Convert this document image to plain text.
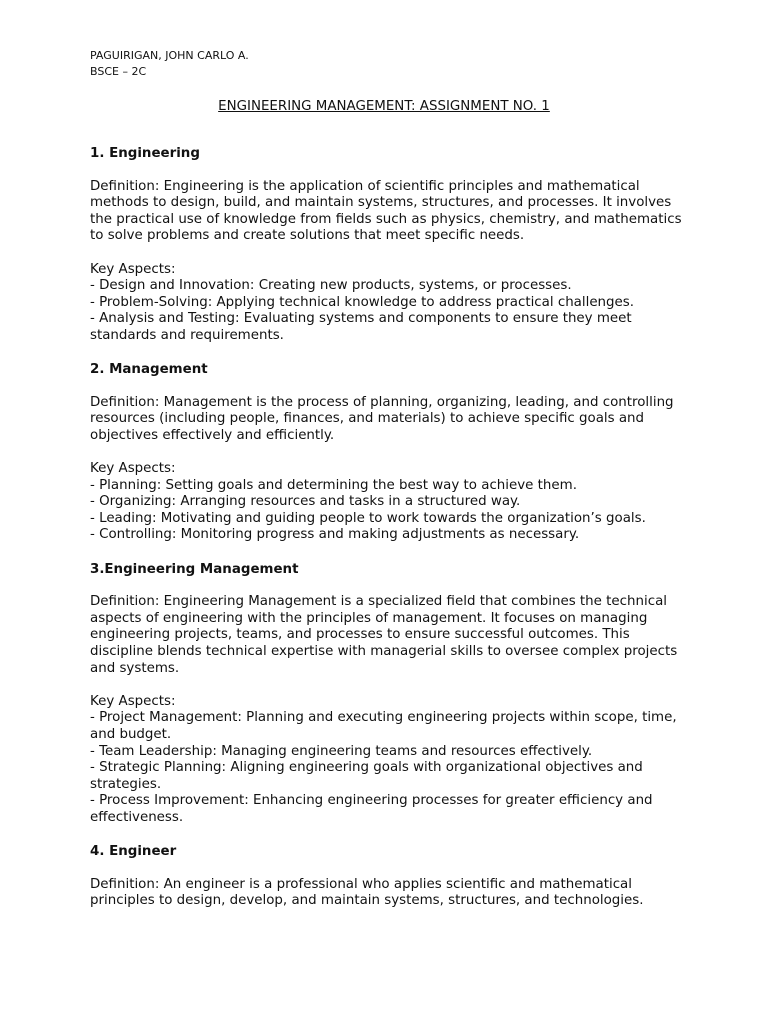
PAGUIRIGAN, JOHN CARLO A.

BSCE – 2C

ENGINEERING MANAGEMENT: ASSIGNMENT NO. 1

1. Engineering

Definition: Engineering is the application of scientific principles and mathematical methods to design, build, and maintain systems, structures, and processes. It involves the practical use of knowledge from fields such as physics, chemistry, and mathematics to solve problems and create solutions that meet specific needs.

Key Aspects:

- Design and Innovation: Creating new products, systems, or processes.
- Problem-Solving: Applying technical knowledge to address practical challenges.
- Analysis and Testing: Evaluating systems and components to ensure they meet standards and requirements.

2. Management

Definition: Management is the process of planning, organizing, leading, and controlling resources (including people, finances, and materials) to achieve specific goals and objectives effectively and efficiently.

Key Aspects:

- Planning: Setting goals and determining the best way to achieve them.
- Organizing: Arranging resources and tasks in a structured way.
- Leading: Motivating and guiding people to work towards the organization’s goals.
- Controlling: Monitoring progress and making adjustments as necessary.

3.Engineering Management

Definition: Engineering Management is a specialized field that combines the technical aspects of engineering with the principles of management. It focuses on managing engineering projects, teams, and processes to ensure successful outcomes. This discipline blends technical expertise with managerial skills to oversee complex projects and systems.

Key Aspects:

- Project Management: Planning and executing engineering projects within scope, time, and budget.
- Team Leadership: Managing engineering teams and resources effectively.
- Strategic Planning: Aligning engineering goals with organizational objectives and strategies.
- Process Improvement: Enhancing engineering processes for greater efficiency and effectiveness.

4. Engineer

Definition: An engineer is a professional who applies scientific and mathematical principles to design, develop, and maintain systems, structures, and technologies.
